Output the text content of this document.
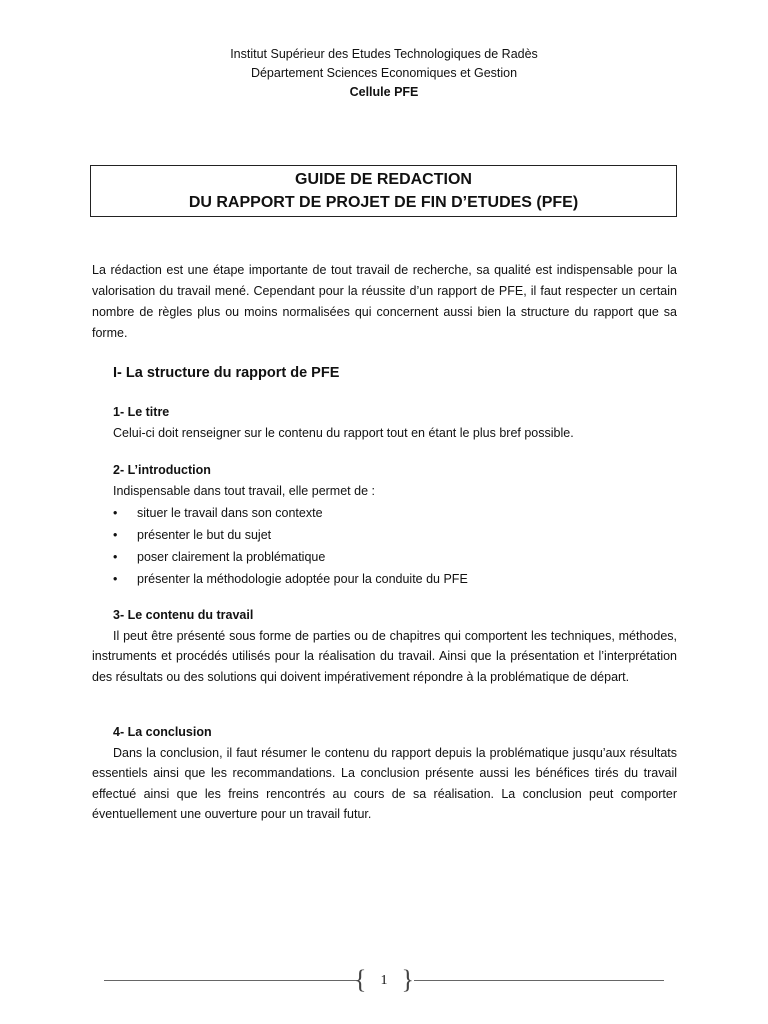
Institut Supérieur des Etudes Technologiques de Radès
Département Sciences Economiques et Gestion
Cellule PFE
GUIDE DE REDACTION
DU RAPPORT DE PROJET DE FIN D’ETUDES (PFE)
La rédaction est une étape importante de tout travail de recherche, sa qualité est indispensable pour la valorisation du travail mené. Cependant pour la réussite d’un rapport de PFE, il faut respecter un certain nombre de règles plus ou moins normalisées qui concernent aussi bien la structure du rapport que sa forme.
I- La structure du rapport de PFE
1- Le titre

Celui-ci doit renseigner sur le contenu du rapport tout en étant le plus bref possible.

2- L’introduction

Indispensable dans tout travail, elle permet de :

• situer le travail dans son contexte
• présenter le but du sujet
• poser clairement la problématique
• présenter la méthodologie adoptée pour la conduite du PFE
3- Le contenu du travail

Il peut être présenté sous forme de parties ou de chapitres qui comportent les techniques, méthodes, instruments et procédés utilisés pour la réalisation du travail. Ainsi que la présentation et l’interprétation des résultats ou des solutions qui doivent impérativement répondre à la problématique de départ.

4- La conclusion

Dans la conclusion, il faut résumer le contenu du rapport depuis la problématique jusqu’aux résultats essentiels ainsi que les recommandations. La conclusion présente aussi les bénéfices tirés du travail effectué ainsi que les freins rencontrés au cours de sa réalisation. La conclusion peut comporter éventuellement une ouverture pour un travail futur.

{ 1 }
